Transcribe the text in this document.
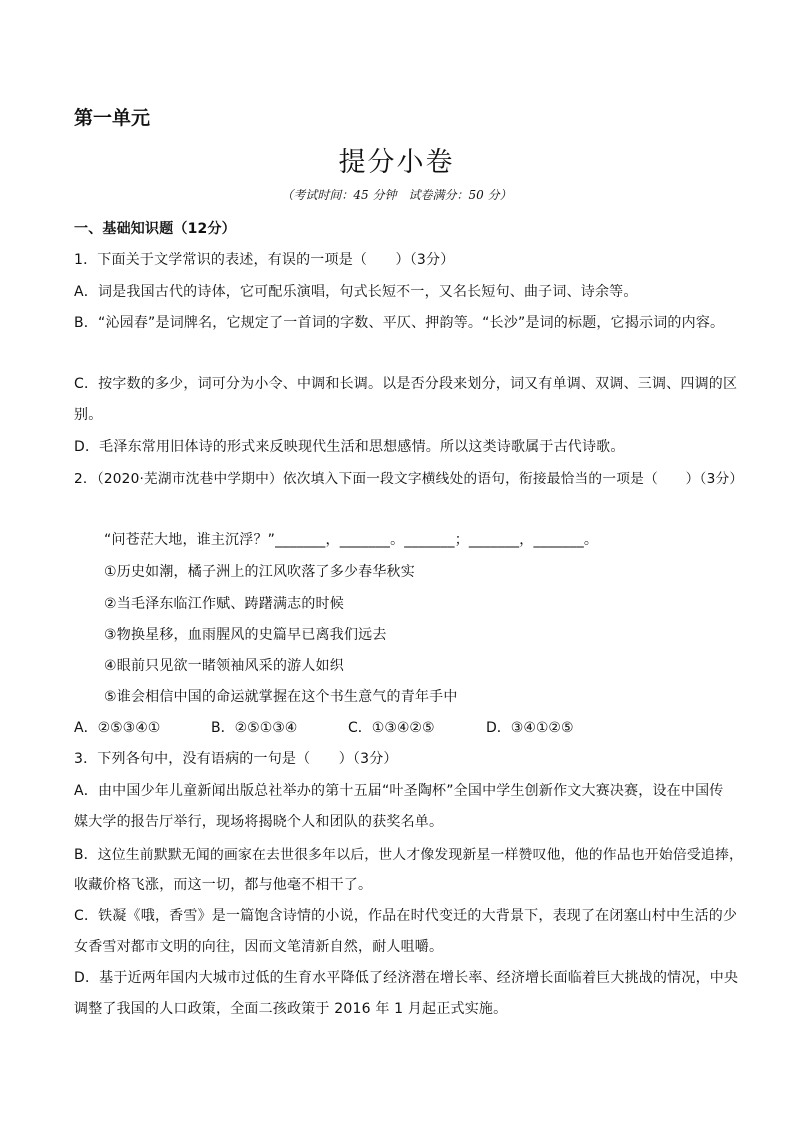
第一单元
提分小卷
（考试时间：45 分钟　试卷满分：50 分）
一、基础知识题（12分）
1．下面关于文学常识的表述，有误的一项是（　　）（3分）
A．词是我国古代的诗体，它可配乐演唱，句式长短不一，又名长短句、曲子词、诗余等。
B．“沁园春”是词牌名，它规定了一首词的字数、平仄、押韵等。“长沙”是词的标题，它揭示词的内容。
C．按字数的多少，词可分为小令、中调和长调。以是否分段来划分，词又有单调、双调、三调、四调的区
别。
D．毛泽东常用旧体诗的形式来反映现代生活和思想感情。所以这类诗歌属于古代诗歌。
2．（2020·芜湖市沈巷中学期中）依次填入下面一段文字横线处的语句，衔接最恰当的一项是（　　）（3分）
“问苍茫大地，谁主沉浮？”_______，_______。_______；_______，_______。
①历史如潮，橘子洲上的江风吹落了多少春华秋实
②当毛泽东临江作赋、踌躇满志的时候
③物换星移，血雨腥风的史篇早已离我们远去
④眼前只见欲一睹领袖风采的游人如织
⑤谁会相信中国的命运就掌握在这个书生意气的青年手中
A．②⑤③④①	B．②⑤①③④	C．①③④②⑤	D．③④①②⑤
3．下列各句中，没有语病的一句是（　　）（3分）
A．由中国少年儿童新闻出版总社举办的第十五届“叶圣陶杯”全国中学生创新作文大赛决赛，设在中国传
媒大学的报告厅举行，现场将揭晓个人和团队的获奖名单。
B．这位生前默默无闻的画家在去世很多年以后，世人才像发现新星一样赞叹他，他的作品也开始倍受追捧，
收藏价格飞涨，而这一切，都与他毫不相干了。
C．铁凝《哦，香雪》是一篇饱含诗情的小说，作品在时代变迁的大背景下，表现了在闭塞山村中生活的少
女香雪对都市文明的向往，因而文笔清新自然，耐人咀嚼。
D．基于近两年国内大城市过低的生育水平降低了经济潜在增长率、经济增长面临着巨大挑战的情况，中央
调整了我国的人口政策，全面二孩政策于 2016 年 1 月起正式实施。
